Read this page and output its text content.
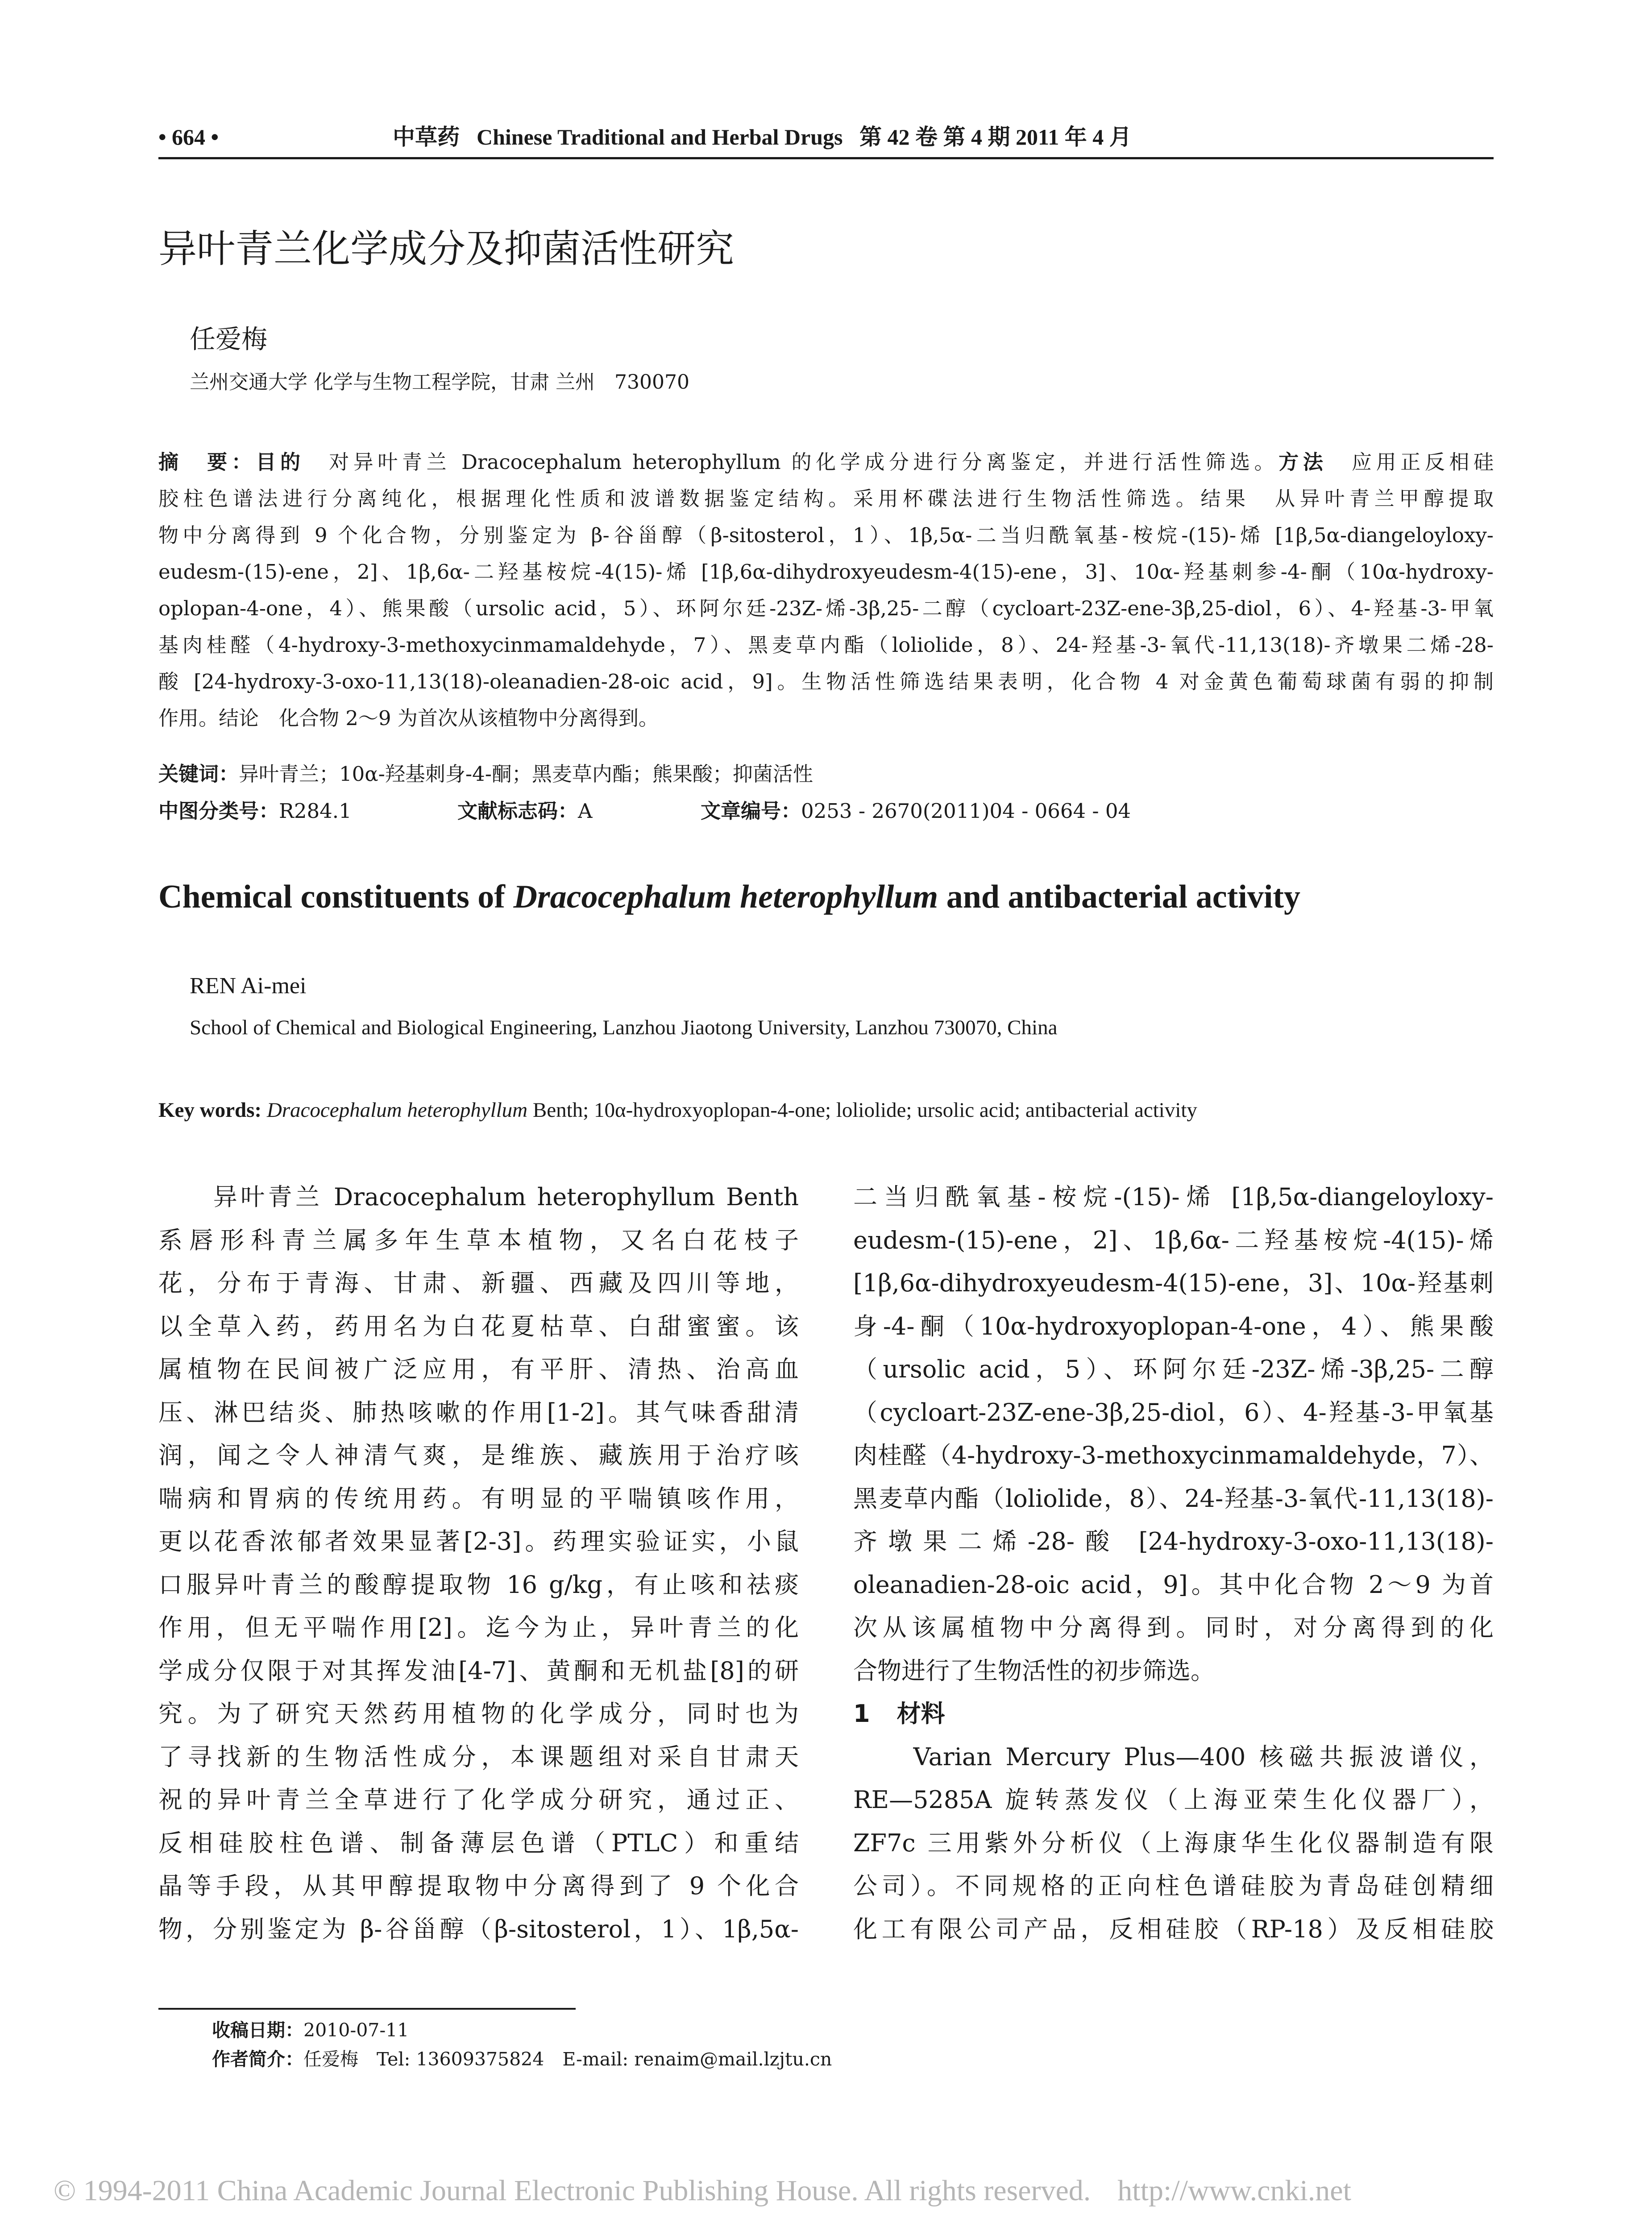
• 664 •	中草药 Chinese Traditional and Herbal Drugs 第 42 卷 第 4 期 2011 年 4 月
异叶青兰化学成分及抑菌活性研究
任爱梅
兰州交通大学 化学与生物工程学院，甘肃 兰州　730070

摘　要：目的　对异叶青兰 Dracocephalum heterophyllum 的化学成分进行分离鉴定，并进行活性筛选。方法　应用正反相硅

胶柱色谱法进行分离纯化，根据理化性质和波谱数据鉴定结构。采用杯碟法进行生物活性筛选。结果　从异叶青兰甲醇提取

物中分离得到 9 个化合物，分别鉴定为 β-谷甾醇（β-sitosterol，1）、1β,5α-二当归酰氧基-桉烷-(15)-烯 [1β,5α-diangeloyloxy-

eudesm-(15)-ene，2]、1β,6α-二羟基桉烷-4(15)-烯 [1β,6α-dihydroxyeudesm-4(15)-ene，3]、10α-羟基刺参-4-酮（10α-hydroxy-

oplopan-4-one，4）、熊果酸（ursolic acid，5）、环阿尔廷-23Z-烯-3β,25-二醇（cycloart-23Z-ene-3β,25-diol，6）、4-羟基-3-甲氧

基肉桂醛（4-hydroxy-3-methoxycinmamaldehyde，7）、黑麦草内酯（loliolide，8）、24-羟基-3-氧代-11,13(18)-齐墩果二烯-28-

酸 [24-hydroxy-3-oxo-11,13(18)-oleanadien-28-oic acid，9]。生物活性筛选结果表明，化合物 4 对金黄色葡萄球菌有弱的抑制

作用。结论　化合物 2～9 为首次从该植物中分离得到。

关键词：异叶青兰；10α-羟基刺身-4-酮；黑麦草内酯；熊果酸；抑菌活性
中图分类号：R284.1	文献标志码：A	文章编号：0253 - 2670(2011)04 - 0664 - 04
Chemical constituents of Dracocephalum heterophyllum and antibacterial activity
REN Ai-mei
School of Chemical and Biological Engineering, Lanzhou Jiaotong University, Lanzhou 730070, China
Key words: Dracocephalum heterophyllum Benth; 10α-hydroxyoplopan-4-one; loliolide; ursolic acid; antibacterial activity

　　异叶青兰 Dracocephalum heterophyllum Benth

系唇形科青兰属多年生草本植物，又名白花枝子

花，分布于青海、甘肃、新疆、西藏及四川等地，

以全草入药，药用名为白花夏枯草、白甜蜜蜜。该

属植物在民间被广泛应用，有平肝、清热、治高血

压、淋巴结炎、肺热咳嗽的作用[1-2]。其气味香甜清

润，闻之令人神清气爽，是维族、藏族用于治疗咳

喘病和胃病的传统用药。有明显的平喘镇咳作用，

更以花香浓郁者效果显著[2-3]。药理实验证实，小鼠

口服异叶青兰的酸醇提取物 16 g/kg，有止咳和祛痰

作用，但无平喘作用[2]。迄今为止，异叶青兰的化

学成分仅限于对其挥发油[4-7]、黄酮和无机盐[8]的研

究。为了研究天然药用植物的化学成分，同时也为

了寻找新的生物活性成分，本课题组对采自甘肃天

祝的异叶青兰全草进行了化学成分研究，通过正、

反相硅胶柱色谱、制备薄层色谱（PTLC）和重结

晶等手段，从其甲醇提取物中分离得到了 9 个化合

物，分别鉴定为 β-谷甾醇（β-sitosterol，1）、1β,5α-

二当归酰氧基-桉烷-(15)-烯 [1β,5α-diangeloyloxy-

eudesm-(15)-ene，2]、1β,6α-二羟基桉烷-4(15)-烯

[1β,6α-dihydroxyeudesm-4(15)-ene，3]、10α-羟基刺

身-4-酮（10α-hydroxyoplopan-4-one，4）、熊果酸

（ursolic acid，5）、环阿尔廷-23Z-烯-3β,25-二醇

（cycloart-23Z-ene-3β,25-diol，6）、4-羟基-3-甲氧基

肉桂醛（4-hydroxy-3-methoxycinmamaldehyde，7）、

黑麦草内酯（loliolide，8）、24-羟基-3-氧代-11,13(18)-

齐墩果二烯-28-酸 [24-hydroxy-3-oxo-11,13(18)-

oleanadien-28-oic acid，9]。其中化合物 2～9 为首

次从该属植物中分离得到。同时，对分离得到的化

合物进行了生物活性的初步筛选。

1 材料

　　Varian Mercury Plus—400 核磁共振波谱仪，

RE—5285A 旋转蒸发仪（上海亚荣生化仪器厂），

ZF7c 三用紫外分析仪（上海康华生化仪器制造有限

公司）。不同规格的正向柱色谱硅胶为青岛硅创精细

化工有限公司产品，反相硅胶（RP-18）及反相硅胶

收稿日期：2010-07-11
作者简介：任爱梅　Tel: 13609375824　E-mail: renaim@mail.lzjtu.cn
© 1994-2011 China Academic Journal Electronic Publishing House. All rights reserved. http://www.cnki.net
